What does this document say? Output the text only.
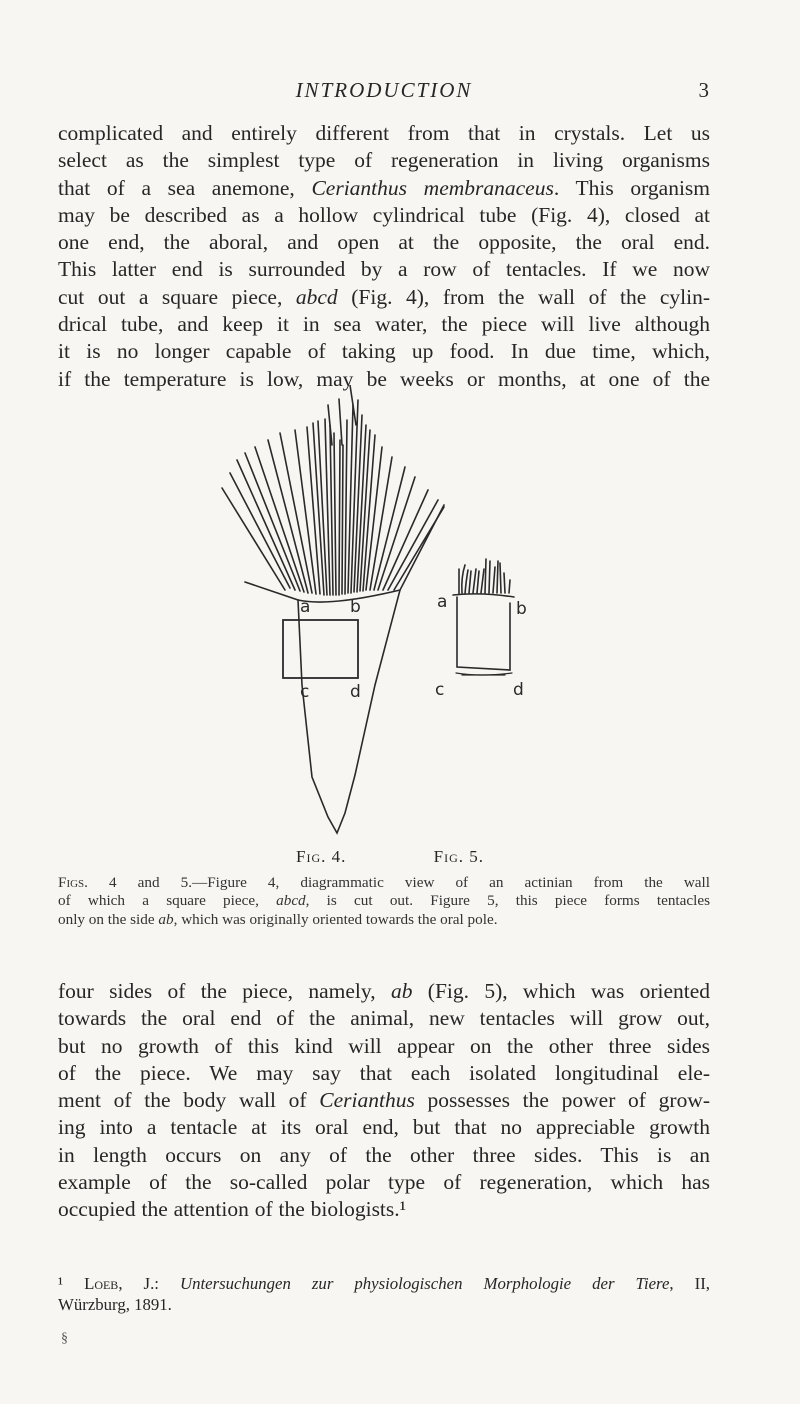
INTRODUCTION	3
complicated and entirely different from that in crystals. Let us
select as the simplest type of regeneration in living organisms
that of a sea anemone, Cerianthus membranaceus. This organism
may be described as a hollow cylindrical tube (Fig. 4), closed at
one end, the aboral, and open at the opposite, the oral end.
This latter end is surrounded by a row of tentacles. If we now
cut out a square piece, abcd (Fig. 4), from the wall of the cylin-
drical tube, and keep it in sea water, the piece will live although
it is no longer capable of taking up food. In due time, which,
if the temperature is low, may be weeks or months, at one of the
a b
c d
a	b
c	d
Fig. 4.	Fig. 5.
Figs. 4 and 5.—Figure 4, diagrammatic view of an actinian from the wall
of which a square piece, abcd, is cut out. Figure 5, this piece forms tentacles
only on the side ab, which was originally oriented towards the oral pole.
four sides of the piece, namely, ab (Fig. 5), which was oriented
towards the oral end of the animal, new tentacles will grow out,
but no growth of this kind will appear on the other three sides
of the piece. We may say that each isolated longitudinal ele-
ment of the body wall of Cerianthus possesses the power of grow-
ing into a tentacle at its oral end, but that no appreciable growth
in length occurs on any of the other three sides. This is an
example of the so-called polar type of regeneration, which has
occupied the attention of the biologists.¹
¹ Loeb, J.: Untersuchungen zur physiologischen Morphologie der Tiere, II,
Würzburg, 1891.
§
